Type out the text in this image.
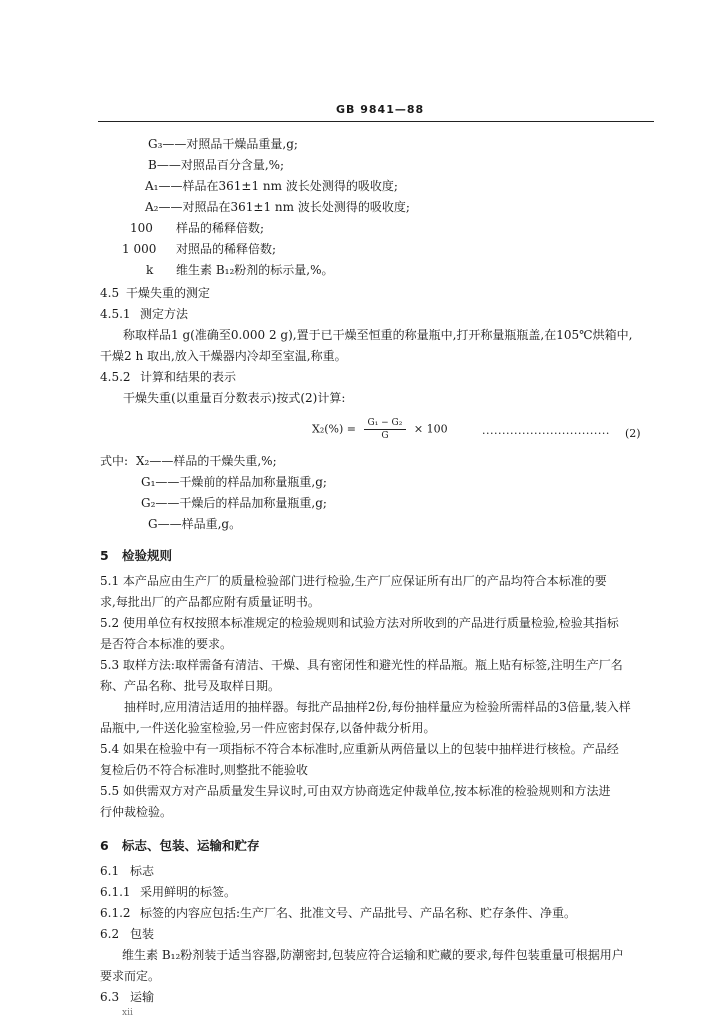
GB 9841—88
G₃——对照品干燥品重量,g;
B——对照品百分含量,%;
A₁——样品在361±1 nm 波长处测得的吸收度;
A₂——对照品在361±1 nm 波长处测得的吸收度;
100 样品的稀释倍数;
1 000 对照品的稀释倍数;
k 维生素 B₁₂粉剂的标示量,%。
4.5 干燥失重的测定
4.5.1 测定方法
称取样品1 g(准确至0.000 2 g),置于已干燥至恒重的称量瓶中,打开称量瓶瓶盖,在105℃烘箱中,
干燥2 h 取出,放入干燥器内冷却至室温,称重。
4.5.2 计算和结果的表示
干燥失重(以重量百分数表示)按式(2)计算:
$X_2(\%) = \frac{\text{G₁ − G₂}}{G} \times 100$	································ (2)
式中: X₂——样品的干燥失重,%;
G₁——干燥前的样品加称量瓶重,g;
G₂——干燥后的样品加称量瓶重,g;
G——样品重,g。
5 检验规则
5.1 本产品应由生产厂的质量检验部门进行检验,生产厂应保证所有出厂的产品均符合本标准的要
求,每批出厂的产品都应附有质量证明书。
5.2 使用单位有权按照本标准规定的检验规则和试验方法对所收到的产品进行质量检验,检验其指标
是否符合本标准的要求。
5.3 取样方法:取样需备有清洁、干燥、具有密闭性和避光性的样品瓶。瓶上贴有标签,注明生产厂名
称、产品名称、批号及取样日期。
抽样时,应用清洁适用的抽样器。每批产品抽样2份,每份抽样量应为检验所需样品的3倍量,装入样
品瓶中,一件送化验室检验,另一件应密封保存,以备仲裁分析用。
5.4 如果在检验中有一项指标不符合本标准时,应重新从两倍量以上的包装中抽样进行核检。产品经
复检后仍不符合标准时,则整批不能验收
5.5 如供需双方对产品质量发生异议时,可由双方协商选定仲裁单位,按本标准的检验规则和方法进
行仲裁检验。
6 标志、包装、运输和贮存
6.1 标志
6.1.1 采用鲜明的标签。
6.1.2 标签的内容应包括:生产厂名、批准文号、产品批号、产品名称、贮存条件、净重。
6.2 包装
维生素 B₁₂粉剂装于适当容器,防潮密封,包装应符合运输和贮藏的要求,每件包装重量可根据用户
要求而定。
6.3 运输
xii
